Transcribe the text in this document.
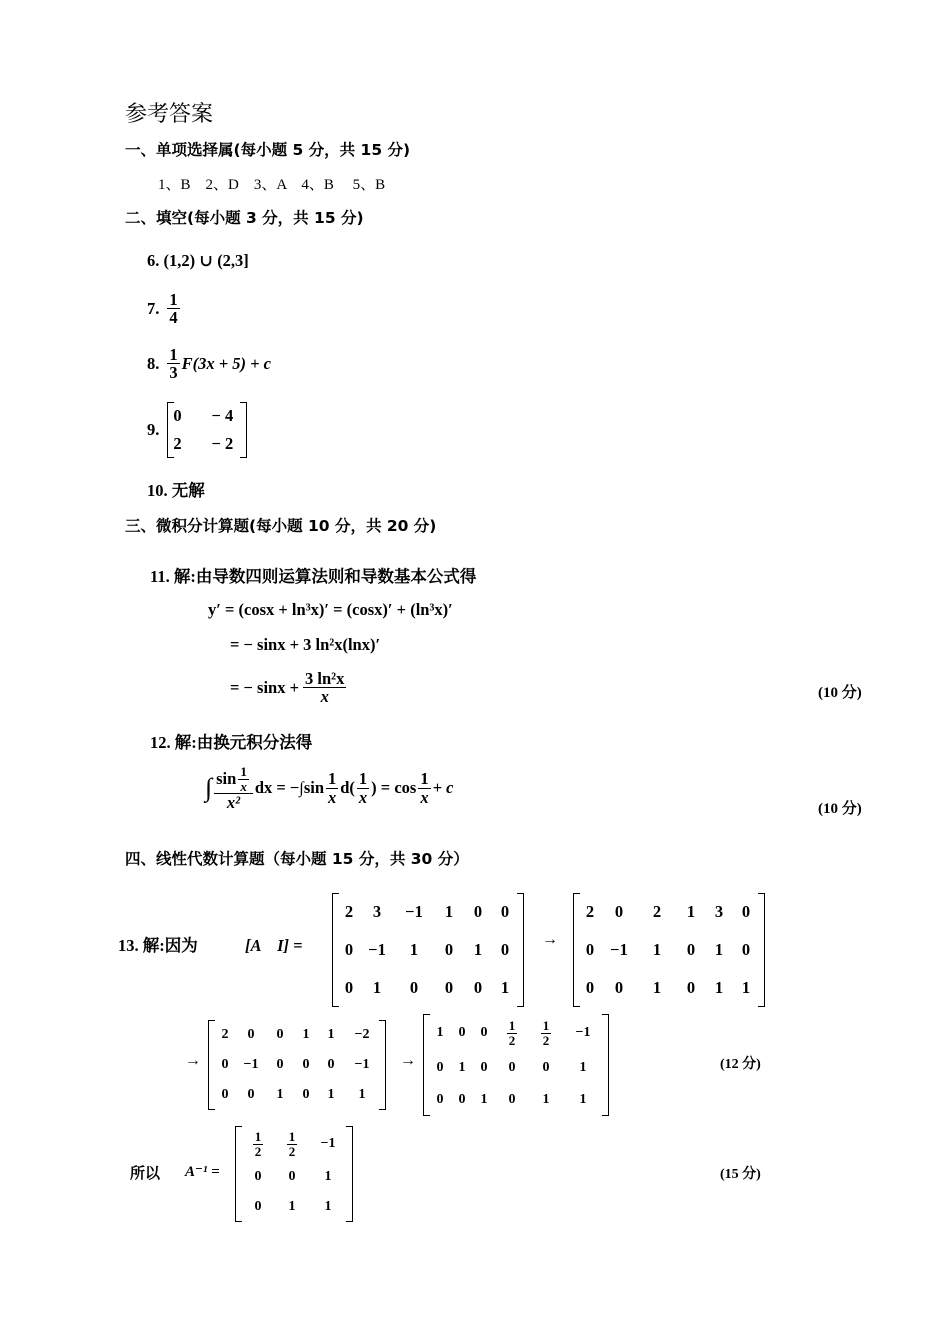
参考答案
一、单项选择属(每小题 5 分，共 15 分)
1、B　2、D　3、A　4、B　 5、B
二、填空(每小题 3 分，共 15 分)
6. (1,2) ∪ (2,3]
7. $\frac{1}{4}$
8. $\frac{1}{3} F(3x + 5) + c$
9.
0	− 4
2	− 2
10. 无解
三、微积分计算题(每小题 10 分，共 20 分)
11. 解:由导数四则运算法则和导数基本公式得
y′ = (cosx + ln³x)′ = (cosx)′ + (ln³x)′
= − sinx + 3 ln²x(lnx)′
= − $\sin x + \frac{\text{3 ln²x}}{x}$	(10 分)
12. 解:由换元积分法得
∫ $\frac{\sin \frac{1}{x}}{\text{x²}}$ dx = $-\int\sin \frac{1}{x} d( \frac{1}{x}$ ) = $\cos \frac{1}{x} + c$
(10 分)
四、线性代数计算题（每小题 15 分，共 30 分）
13. 解:因为	[A　I] =
2	3	−1	1	0	0
0	−1	1	0	1	0
0	1	0	0	0	1
→
2	0	2	1	3	0
0	−1	1	0	1	0
0	0	1	0	1	1
→
2	0	0	1	1	−2
0	−1	0	0	0	−1
0	0	1	0	1	1
→
1	0	0	$\frac{1}{2}$	$\frac{1}{2}$	−1
0	1	0	0	0	1
0	0	1	0	1	1
(12 分)
所以 A⁻¹ =
$\frac{1}{2}$	$\frac{1}{2}$	−1
0	0	1
0	1	1
(15 分)
